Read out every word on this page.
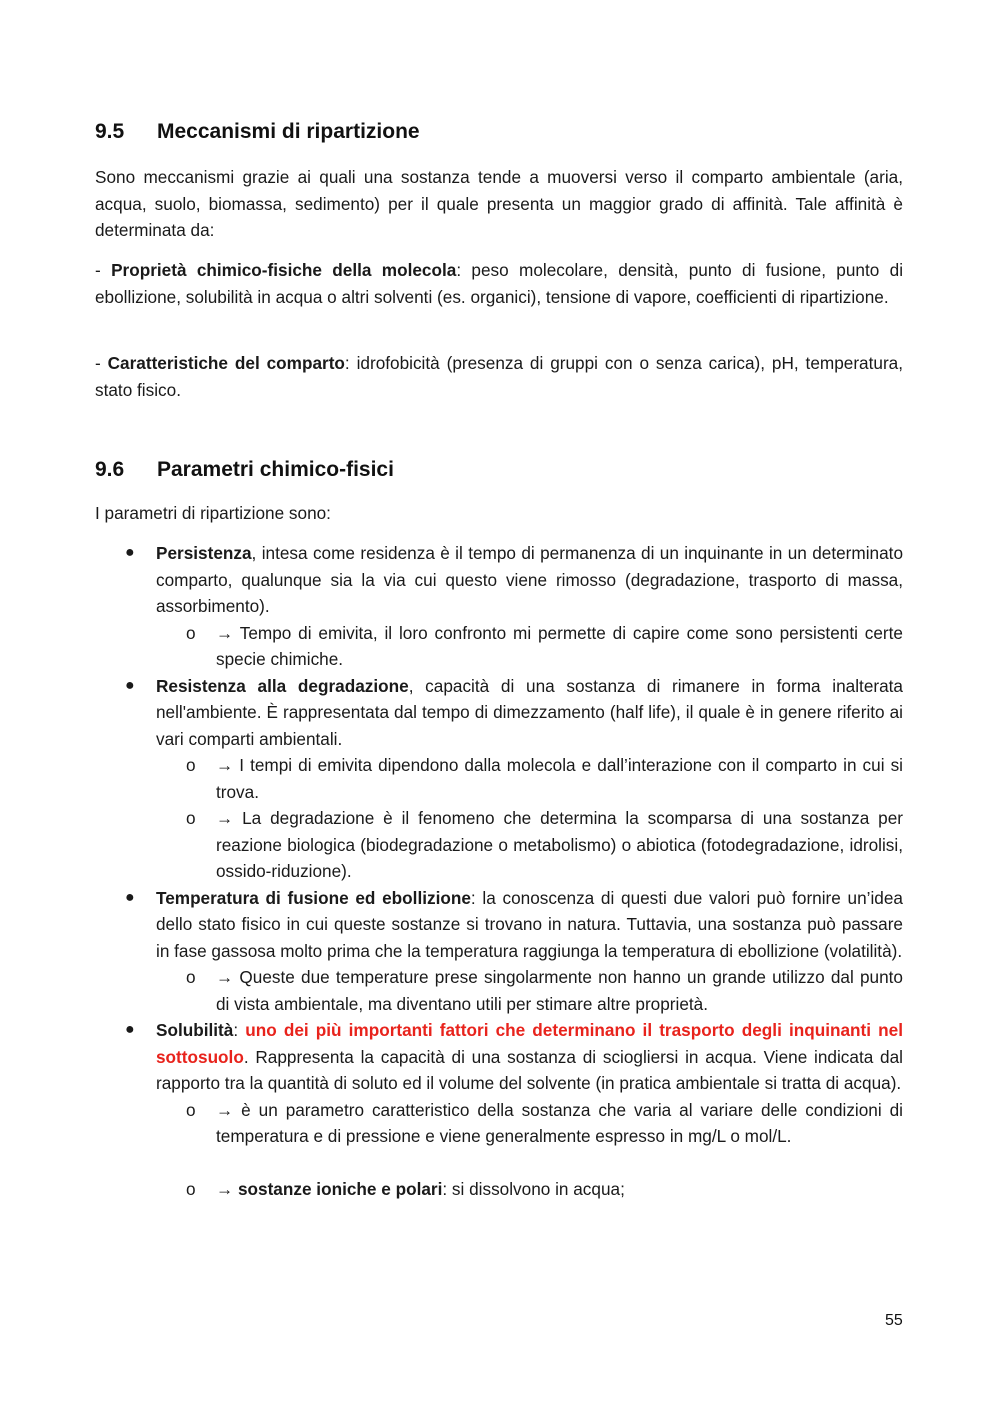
9.5 Meccanismi di ripartizione

Sono meccanismi grazie ai quali una sostanza tende a muoversi verso il comparto ambientale (aria, acqua, suolo, biomassa, sedimento) per il quale presenta un maggior grado di affinità. Tale affinità è determinata da:

- Proprietà chimico-fisiche della molecola: peso molecolare, densità, punto di fusione, punto di ebollizione, solubilità in acqua o altri solventi (es. organici), tensione di vapore, coefficienti di ripartizione.

- Caratteristiche del comparto: idrofobicità (presenza di gruppi con o senza carica), pH, temperatura, stato fisico.

9.6 Parametri chimico-fisici

I parametri di ripartizione sono:

● Persistenza, intesa come residenza è il tempo di permanenza di un inquinante in un determinato comparto, qualunque sia la via cui questo viene rimosso (degradazione, trasporto di massa, assorbimento).
o → Tempo di emivita, il loro confronto mi permette di capire come sono persistenti certe specie chimiche.
● Resistenza alla degradazione, capacità di una sostanza di rimanere in forma inalterata nell'ambiente. È rappresentata dal tempo di dimezzamento (half life), il quale è in genere riferito ai vari comparti ambientali.
o → I tempi di emivita dipendono dalla molecola e dall’interazione con il comparto in cui si trova.
o → La degradazione è il fenomeno che determina la scomparsa di una sostanza per reazione biologica (biodegradazione o metabolismo) o abiotica (fotodegradazione, idrolisi, ossido-riduzione).
● Temperatura di fusione ed ebollizione: la conoscenza di questi due valori può fornire un’idea dello stato fisico in cui queste sostanze si trovano in natura. Tuttavia, una sostanza può passare in fase gassosa molto prima che la temperatura raggiunga la temperatura di ebollizione (volatilità).
o → Queste due temperature prese singolarmente non hanno un grande utilizzo dal punto di vista ambientale, ma diventano utili per stimare altre proprietà.
● Solubilità: uno dei più importanti fattori che determinano il trasporto degli inquinanti nel sottosuolo. Rappresenta la capacità di una sostanza di sciogliersi in acqua. Viene indicata dal rapporto tra la quantità di soluto ed il volume del solvente (in pratica ambientale si tratta di acqua).
o → è un parametro caratteristico della sostanza che varia al variare delle condizioni di temperatura e di pressione e viene generalmente espresso in mg/L o mol/L.
o → sostanze ioniche e polari: si dissolvono in acqua;
55
